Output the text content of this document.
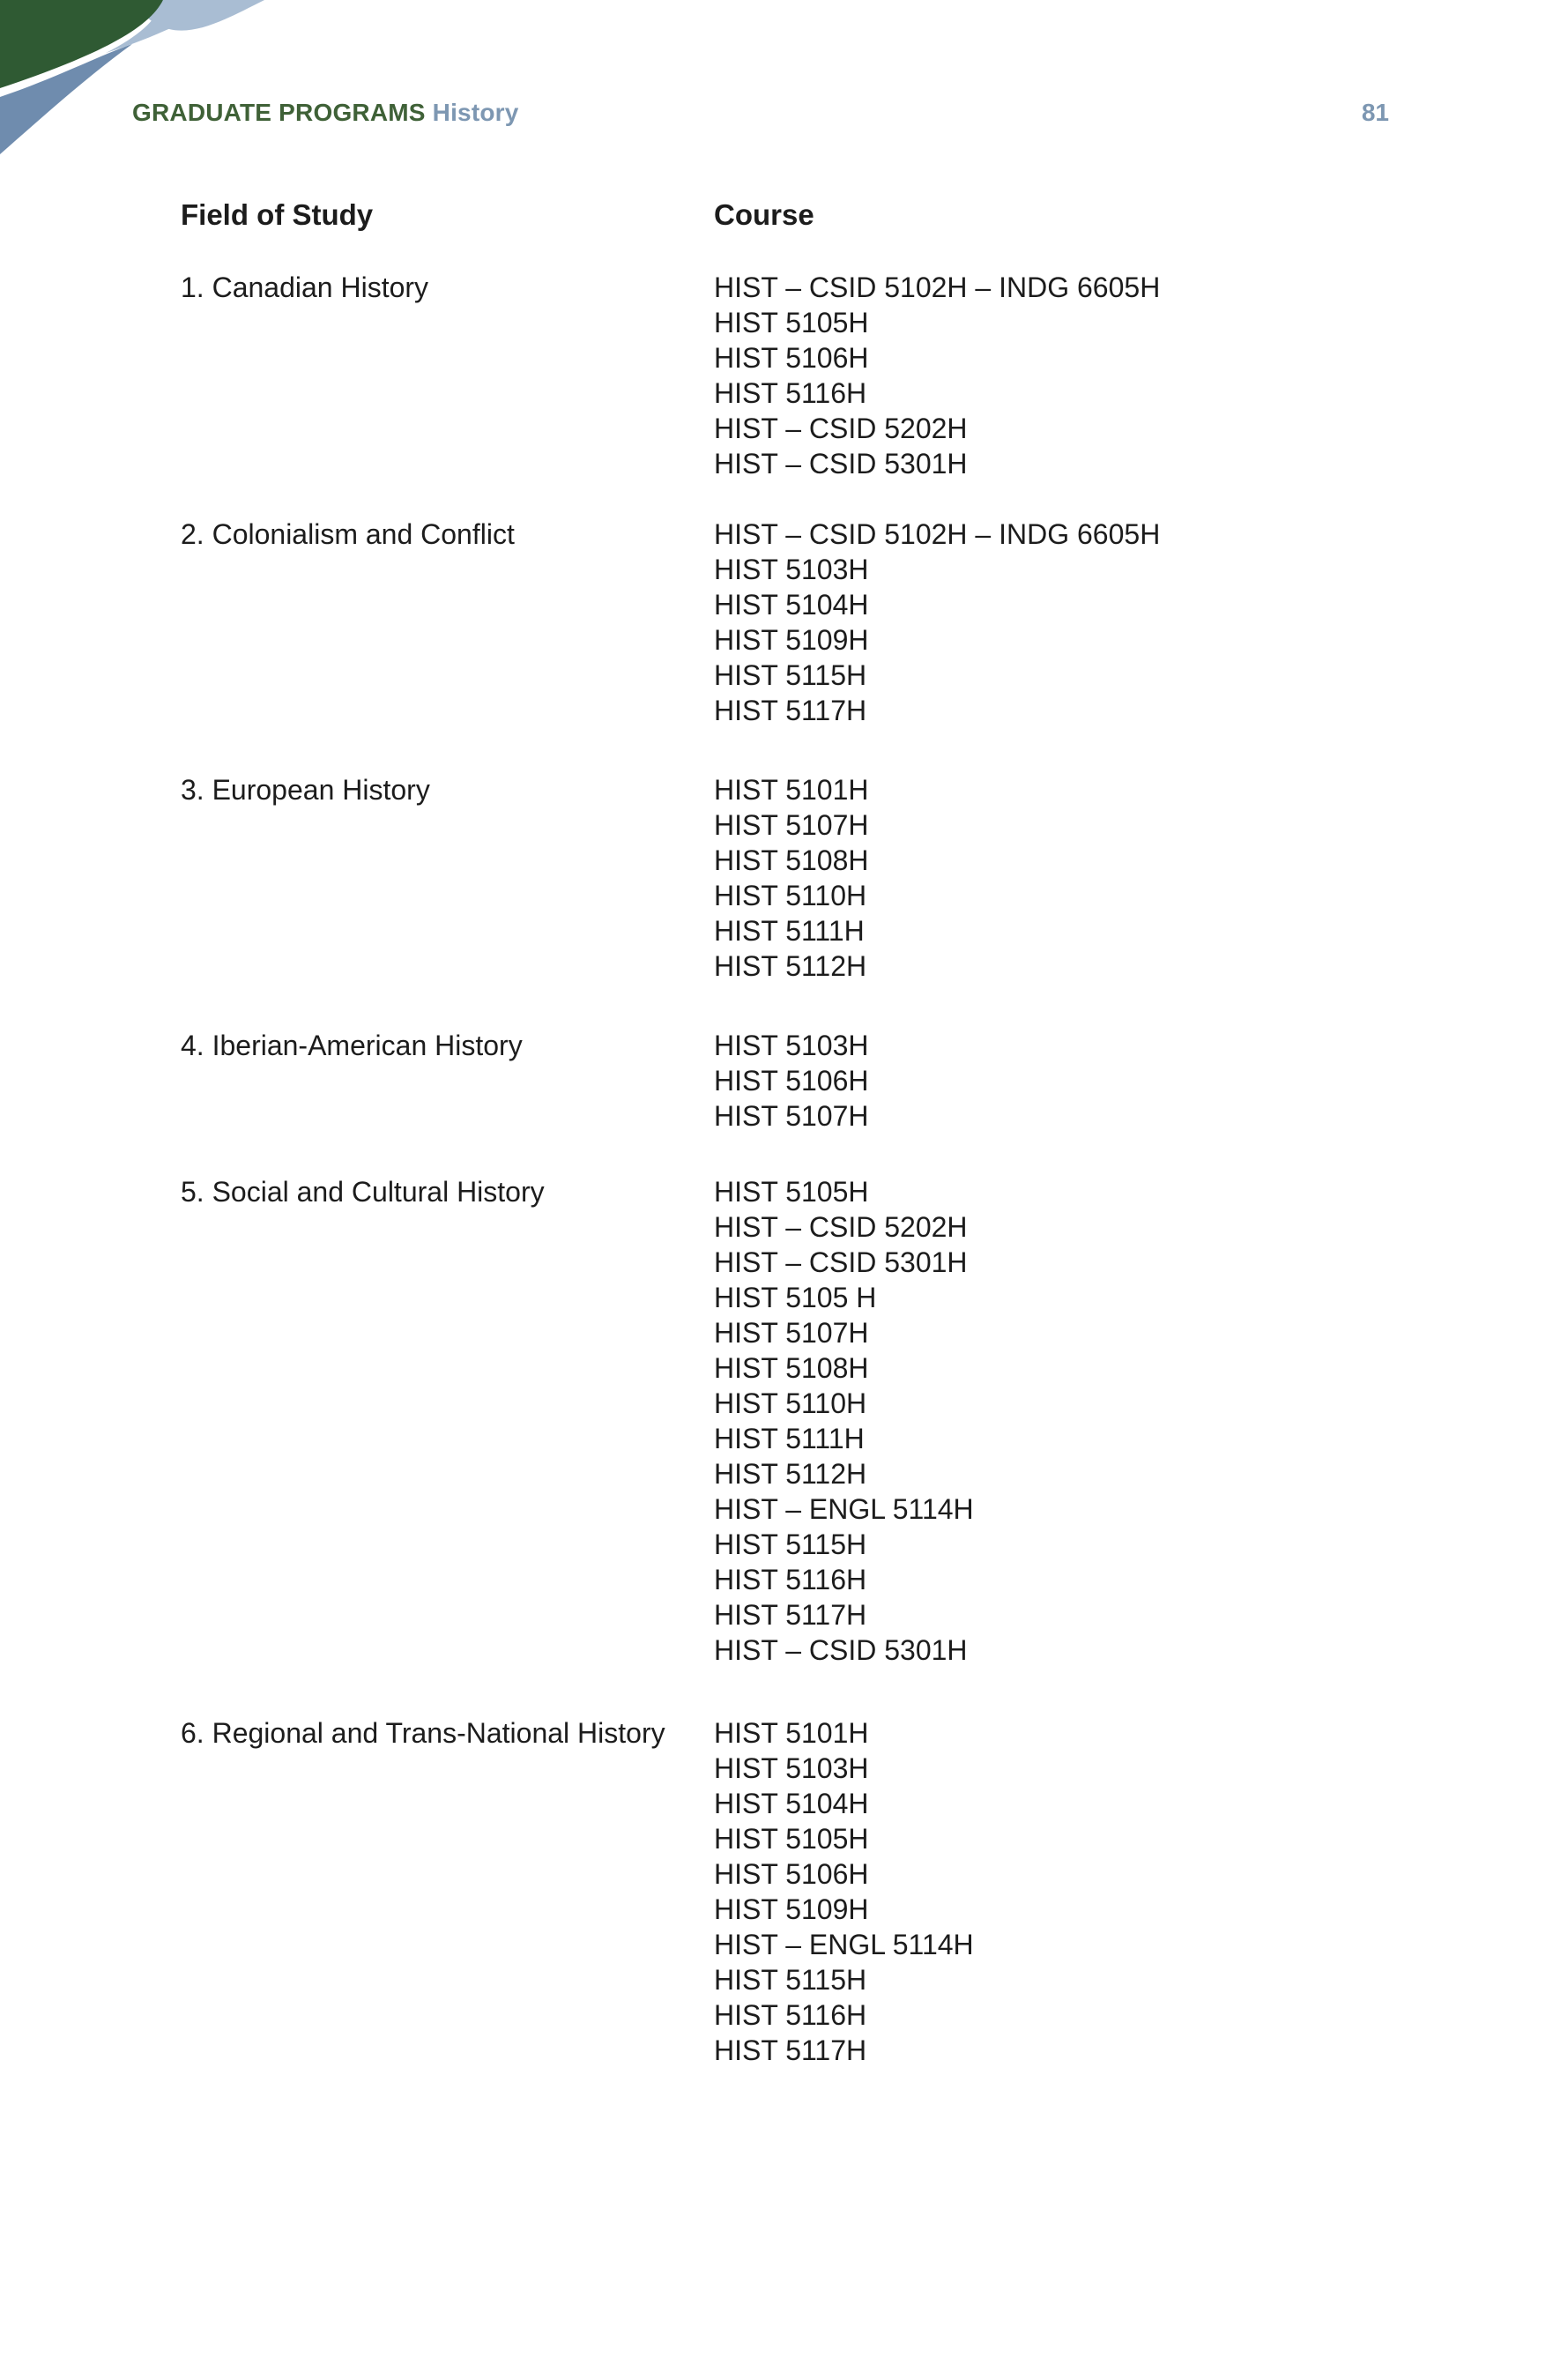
GRADUATE PROGRAMS History	81
Field of Study	Course
1. Canadian History	HIST – CSID 5102H – INDG 6605H
HIST 5105H
HIST 5106H
HIST 5116H
HIST – CSID 5202H
HIST – CSID 5301H
2. Colonialism and Conflict	HIST – CSID 5102H – INDG 6605H
HIST 5103H
HIST 5104H
HIST 5109H
HIST 5115H
HIST 5117H
3. European History	HIST 5101H
HIST 5107H
HIST 5108H
HIST 5110H
HIST 5111H
HIST 5112H
4. Iberian-American History	HIST 5103H
HIST 5106H
HIST 5107H
5. Social and Cultural History	HIST 5105H
HIST – CSID 5202H
HIST – CSID 5301H
HIST 5105 H
HIST 5107H
HIST 5108H
HIST 5110H
HIST 5111H
HIST 5112H
HIST – ENGL 5114H
HIST 5115H
HIST 5116H
HIST 5117H
HIST – CSID 5301H
6. Regional and Trans-National History	HIST 5101H
HIST 5103H
HIST 5104H
HIST 5105H
HIST 5106H
HIST 5109H
HIST – ENGL 5114H
HIST 5115H
HIST 5116H
HIST 5117H
